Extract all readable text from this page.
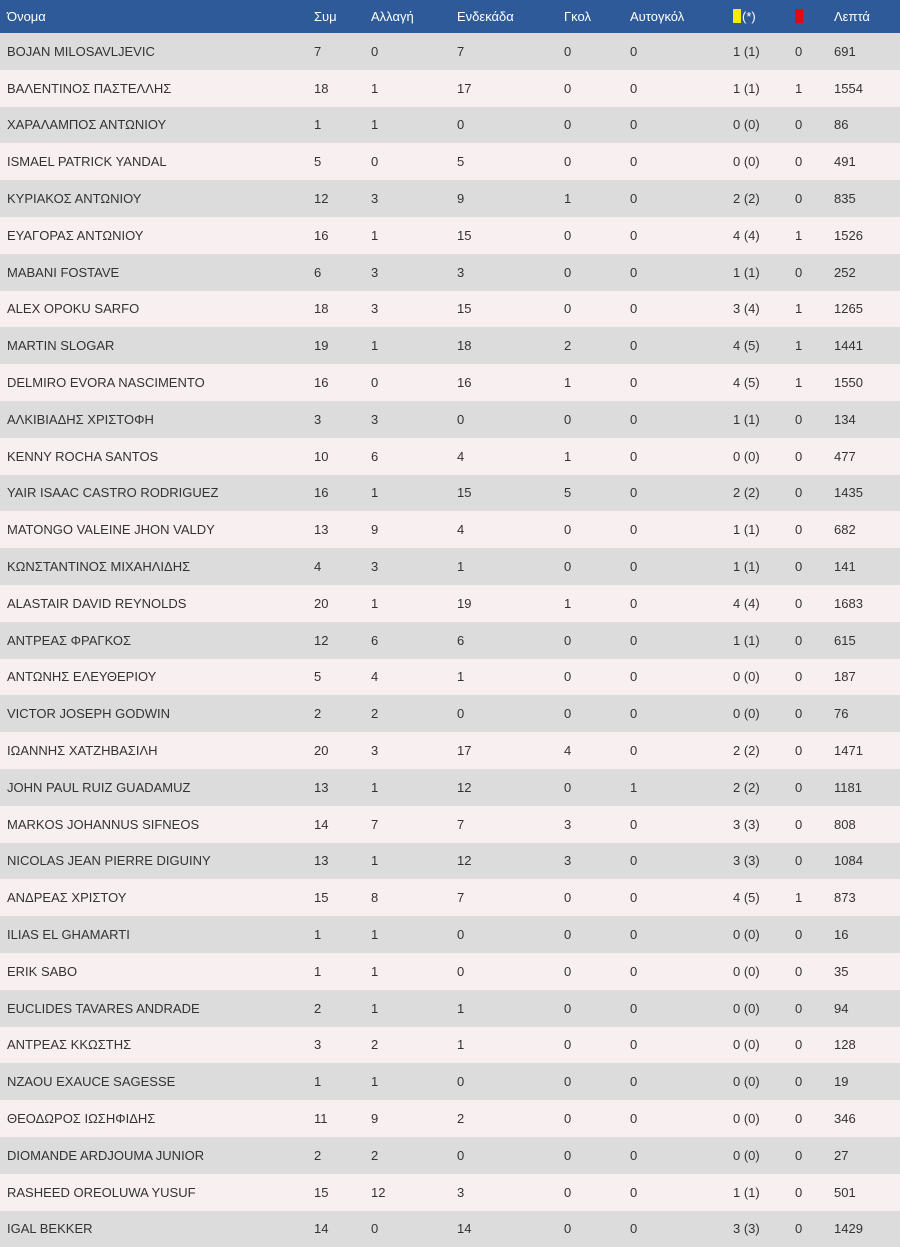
Όνομα	Συμ	Αλλαγή	Ενδεκάδα	Γκολ	Αυτογκόλ	(*)		Λεπτά
BOJAN MILOSAVLJEVIC	7	0	7	0	0	1 (1)	0	691
ΒΑΛΕΝΤΙΝΟΣ ΠΑΣΤΕΛΛΗΣ	18	1	17	0	0	1 (1)	1	1554
ΧΑΡΑΛΑΜΠΟΣ ΑΝΤΩΝΙΟΥ	1	1	0	0	0	0 (0)	0	86
ISMAEL PATRICK YANDAL	5	0	5	0	0	0 (0)	0	491
ΚΥΡΙΑΚΟΣ ΑΝΤΩΝΙΟΥ	12	3	9	1	0	2 (2)	0	835
ΕΥΑΓΟΡΑΣ ΑΝΤΩΝΙΟΥ	16	1	15	0	0	4 (4)	1	1526
MABANI FOSTAVE	6	3	3	0	0	1 (1)	0	252
ALEX OPOKU SARFO	18	3	15	0	0	3 (4)	1	1265
MARTIN SLOGAR	19	1	18	2	0	4 (5)	1	1441
DELMIRO EVORA NASCIMENTO	16	0	16	1	0	4 (5)	1	1550
ΑΛΚΙΒΙΑΔΗΣ ΧΡΙΣΤΟΦΗ	3	3	0	0	0	1 (1)	0	134
KENNY ROCHA SANTOS	10	6	4	1	0	0 (0)	0	477
YAIR ISAAC CASTRO RODRIGUEZ	16	1	15	5	0	2 (2)	0	1435
MATONGO VALEINE JHON VALDY	13	9	4	0	0	1 (1)	0	682
ΚΩΝΣΤΑΝΤΙΝΟΣ ΜΙΧΑΗΛΙΔΗΣ	4	3	1	0	0	1 (1)	0	141
ALASTAIR DAVID REYNOLDS	20	1	19	1	0	4 (4)	0	1683
ΑΝΤΡΕΑΣ ΦΡΑΓΚΟΣ	12	6	6	0	0	1 (1)	0	615
ΑΝΤΩΝΗΣ ΕΛΕΥΘΕΡΙΟΥ	5	4	1	0	0	0 (0)	0	187
VICTOR JOSEPH GODWIN	2	2	0	0	0	0 (0)	0	76
ΙΩΑΝΝΗΣ ΧΑΤΖΗΒΑΣΙΛΗ	20	3	17	4	0	2 (2)	0	1471
JOHN PAUL RUIZ GUADAMUZ	13	1	12	0	1	2 (2)	0	1181
MARKOS JOHANNUS SIFNEOS	14	7	7	3	0	3 (3)	0	808
NICOLAS JEAN PIERRE DIGUINY	13	1	12	3	0	3 (3)	0	1084
ΑΝΔΡΕΑΣ ΧΡΙΣΤΟΥ	15	8	7	0	0	4 (5)	1	873
ILIAS EL GHAMARTI	1	1	0	0	0	0 (0)	0	16
ERIK SABO	1	1	0	0	0	0 (0)	0	35
EUCLIDES TAVARES ANDRADE	2	1	1	0	0	0 (0)	0	94
ΑΝΤΡΕΑΣ ΚΚΩΣΤΗΣ	3	2	1	0	0	0 (0)	0	128
NZAOU EXAUCE SAGESSE	1	1	0	0	0	0 (0)	0	19
ΘΕΟΔΩΡΟΣ ΙΩΣΗΦΙΔΗΣ	11	9	2	0	0	0 (0)	0	346
DIOMANDE ARDJOUMA JUNIOR	2	2	0	0	0	0 (0)	0	27
RASHEED OREOLUWA YUSUF	15	12	3	0	0	1 (1)	0	501
IGAL BEKKER	14	0	14	0	0	3 (3)	0	1429
